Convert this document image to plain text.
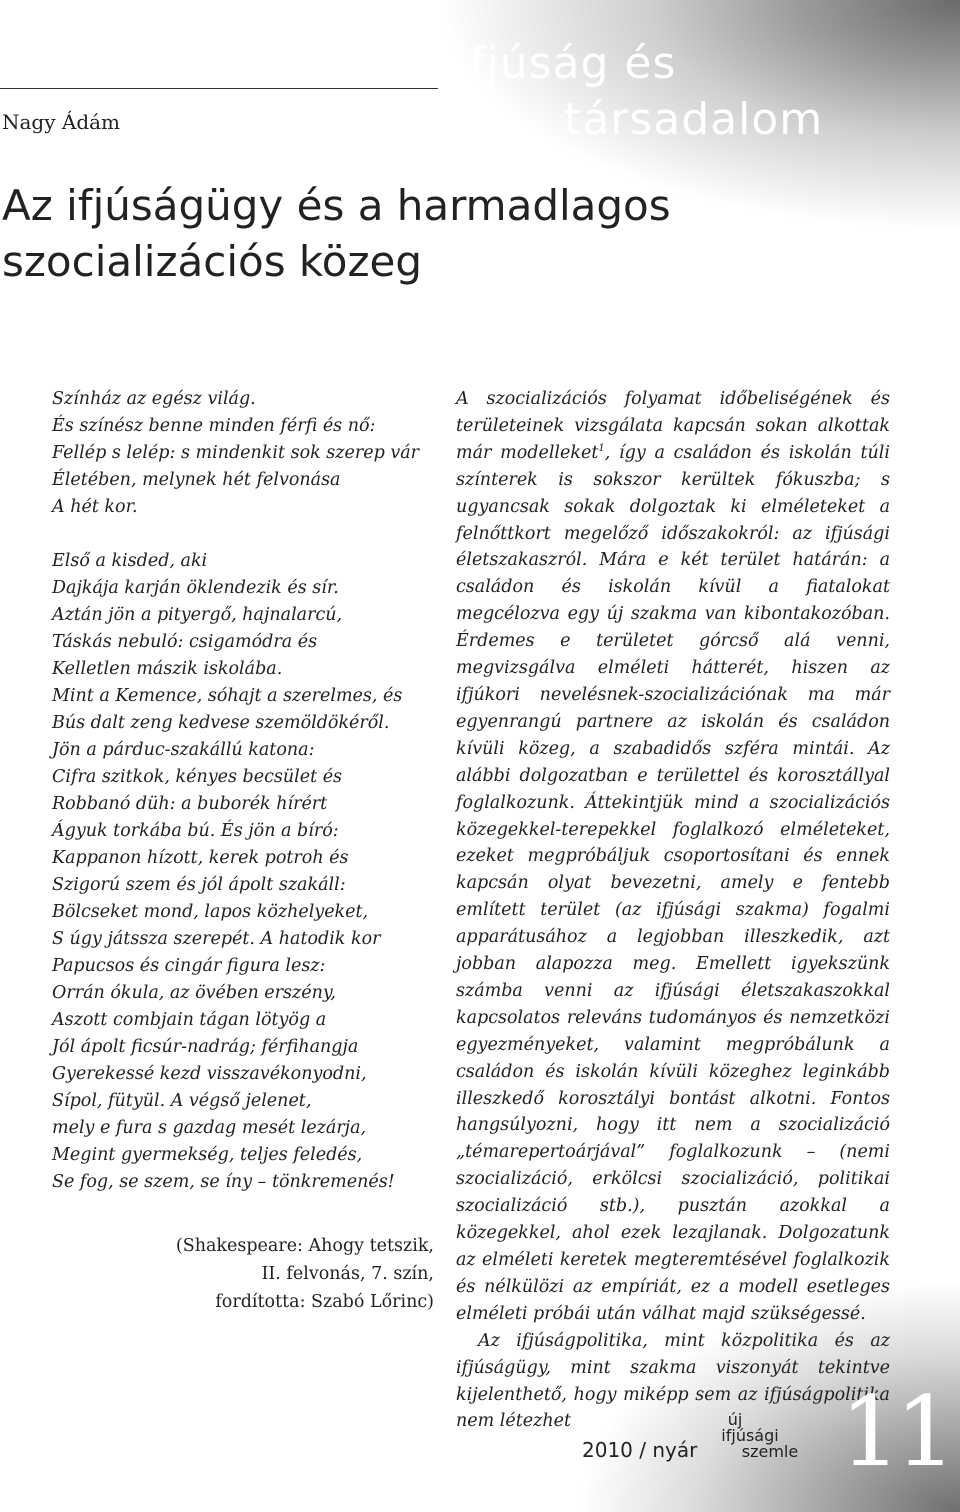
Ifjúság és
társadalom
Nagy Ádám
Az ifjúságügy és a harmadlagos szocializációs közeg
Színház az egész világ.
És színész benne minden férfi és nő:
Fellép s lelép: s mindenkit sok szerep vár
Életében, melynek hét felvonása
A hét kor.
Első a kisded, aki
Dajkája karján öklendezik és sír.
Aztán jön a pityergő, hajnalarcú,
Táskás nebuló: csigamódra és
Kelletlen mászik iskolába.
Mint a Kemence, sóhajt a szerelmes, és
Bús dalt zeng kedvese szemöldökéről.
Jön a párduc-szakállú katona:
Cifra szitkok, kényes becsület és
Robbanó düh: a buborék hírért
Ágyuk torkába bú. És jön a bíró:
Kappanon hízott, kerek potroh és
Szigorú szem és jól ápolt szakáll:
Bölcseket mond, lapos közhelyeket,
S úgy játssza szerepét. A hatodik kor
Papucsos és cingár figura lesz:
Orrán ókula, az övében erszény,
Aszott combjain tágan lötyög a
Jól ápolt ficsúr-nadrág; férfihangja
Gyerekessé kezd visszavékonyodni,
Sípol, fütyül. A végső jelenet,
mely e fura s gazdag mesét lezárja,
Megint gyermekség, teljes feledés,
Se fog, se szem, se íny – tönkremenés!
(Shakespeare: Ahogy tetszik,
II. felvonás, 7. szín,
fordította: Szabó Lőrinc)

A szocializációs folyamat időbeliségének és területeinek vizsgálata kapcsán sokan alkottak már modelleket$^1$, így a családon és iskolán túli színterek is sokszor kerültek fókuszba; s ugyancsak sokak dolgoztak ki elméleteket a felnőttkort megelőző időszakokról: az ifjúsági életszakaszról. Mára e két terület határán: a családon és iskolán kívül a fiatalokat megcélozva egy új szakma van kibontakozóban. Érdemes e területet górcső alá venni, megvizsgálva elméleti hátterét, hiszen az ifjúkori nevelésnek-szocializációnak ma már egyenrangú partnere az iskolán és családon kívüli közeg, a szabadidős szféra mintái. Az alábbi dolgozatban e területtel és korosztállyal foglalkozunk. Áttekintjük mind a szocializációs közegekkel-terepekkel foglalkozó elméleteket, ezeket megpróbáljuk csoportosítani és ennek kapcsán olyat bevezetni, amely e fentebb említett terület (az ifjúsági szakma) fogalmi apparátusához a legjobban illeszkedik, azt jobban alapozza meg. Emellett igyekszünk számba venni az ifjúsági életszakaszokkal kapcsolatos releváns tudományos és nemzetközi egyezményeket, valamint megpróbálunk a családon és iskolán kívüli közeghez leginkább illeszkedő korosztályi bontást alkotni. Fontos hangsúlyozni, hogy itt nem a szocializáció „témarepertoárjával” foglalkozunk – (nemi szocializáció, erkölcsi szocializáció, politikai szocializáció stb.), pusztán azokkal a közegekkel, ahol ezek lezajlanak. Dolgozatunk az elméleti keretek megteremtésével foglalkozik és nélkülözi az empíriát, ez a modell esetleges elméleti próbái után válhat majd szükségessé.

Az ifjúságpolitika, mint közpolitika és az ifjúságügy, mint szakma viszonyát tekintve kijelenthető, hogy miképp sem az ifjúságpolitika nem létezhet

2010 / nyár
új
ifjúsági
szemle 11
